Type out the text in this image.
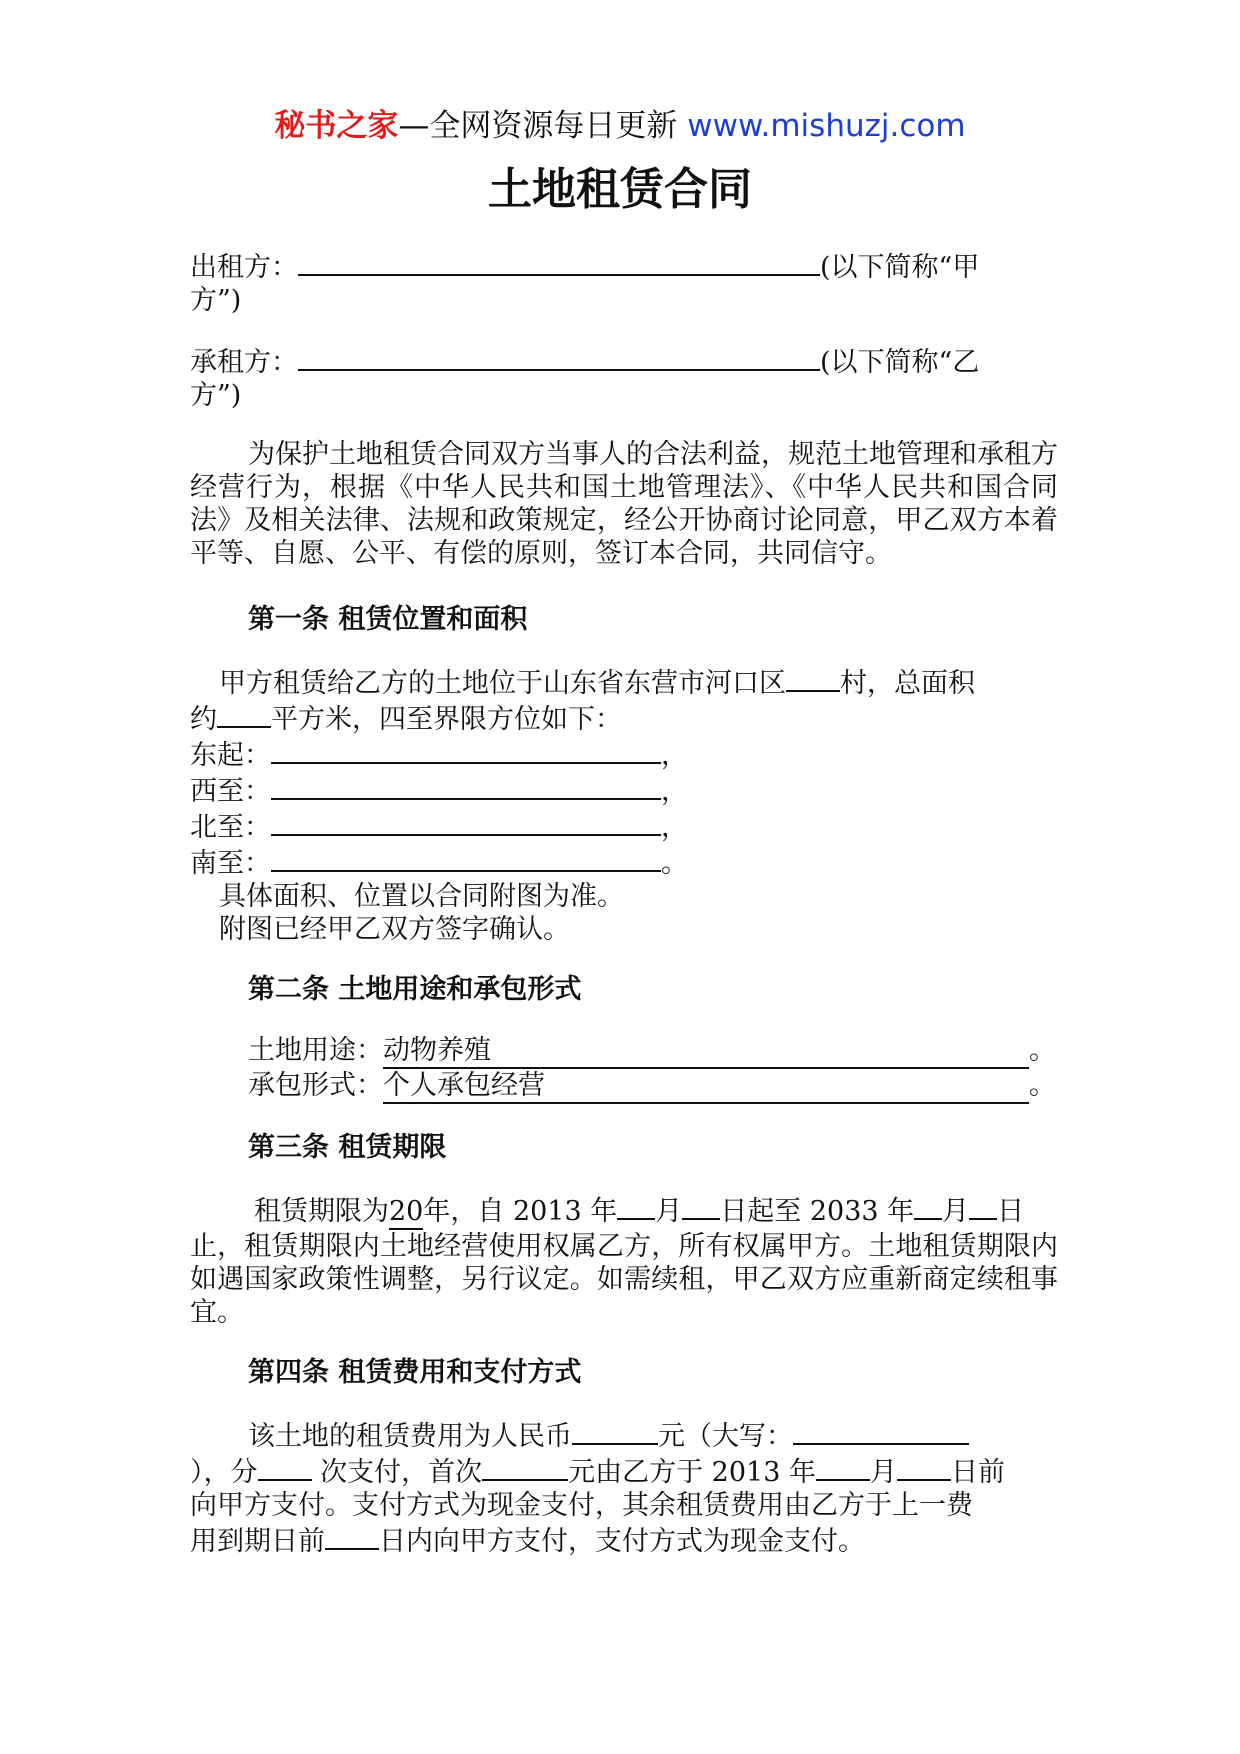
秘书之家—全网资源每日更新 www.mishuzj.com
土地租赁合同
出租方：	(以下简称“甲
方”)
承租方：	(以下简称“乙
方”)
为保护土地租赁合同双方当事人的合法利益，规范土地管理和承租方经营行为，根据《中华人民共和国土地管理法》、《中华人民共和国合同法》及相关法律、法规和政策规定，经公开协商讨论同意，甲乙双方本着平等、自愿、公平、有偿的原则，签订本合同，共同信守。
第一条 租赁位置和面积
甲方租赁给乙方的土地位于山东省东营市河口区 村，总面积
约 平方米，四至界限方位如下：
东起：	，
西至：	，
北至：	，
南至：	。
具体面积、位置以合同附图为准。
附图已经甲乙双方签字确认。
第二条 土地用途和承包形式
土地用途：动物养殖	。
承包形式：个人承包经营	。
第三条 租赁期限
租赁期限为20年，自 2013 年 月 日起至 2033 年 月 日
止，租赁期限内土地经营使用权属乙方，所有权属甲方。土地租赁期限内如遇国家政策性调整，另行议定。如需续租，甲乙双方应重新商定续租事宜。
第四条 租赁费用和支付方式
该土地的租赁费用为人民币	元（大写：
），分 次支付，首次	元由乙方于 2013 年 月 日前
向甲方支付。支付方式为现金支付，其余租赁费用由乙方于上一费
用到期日前 日内向甲方支付，支付方式为现金支付。
